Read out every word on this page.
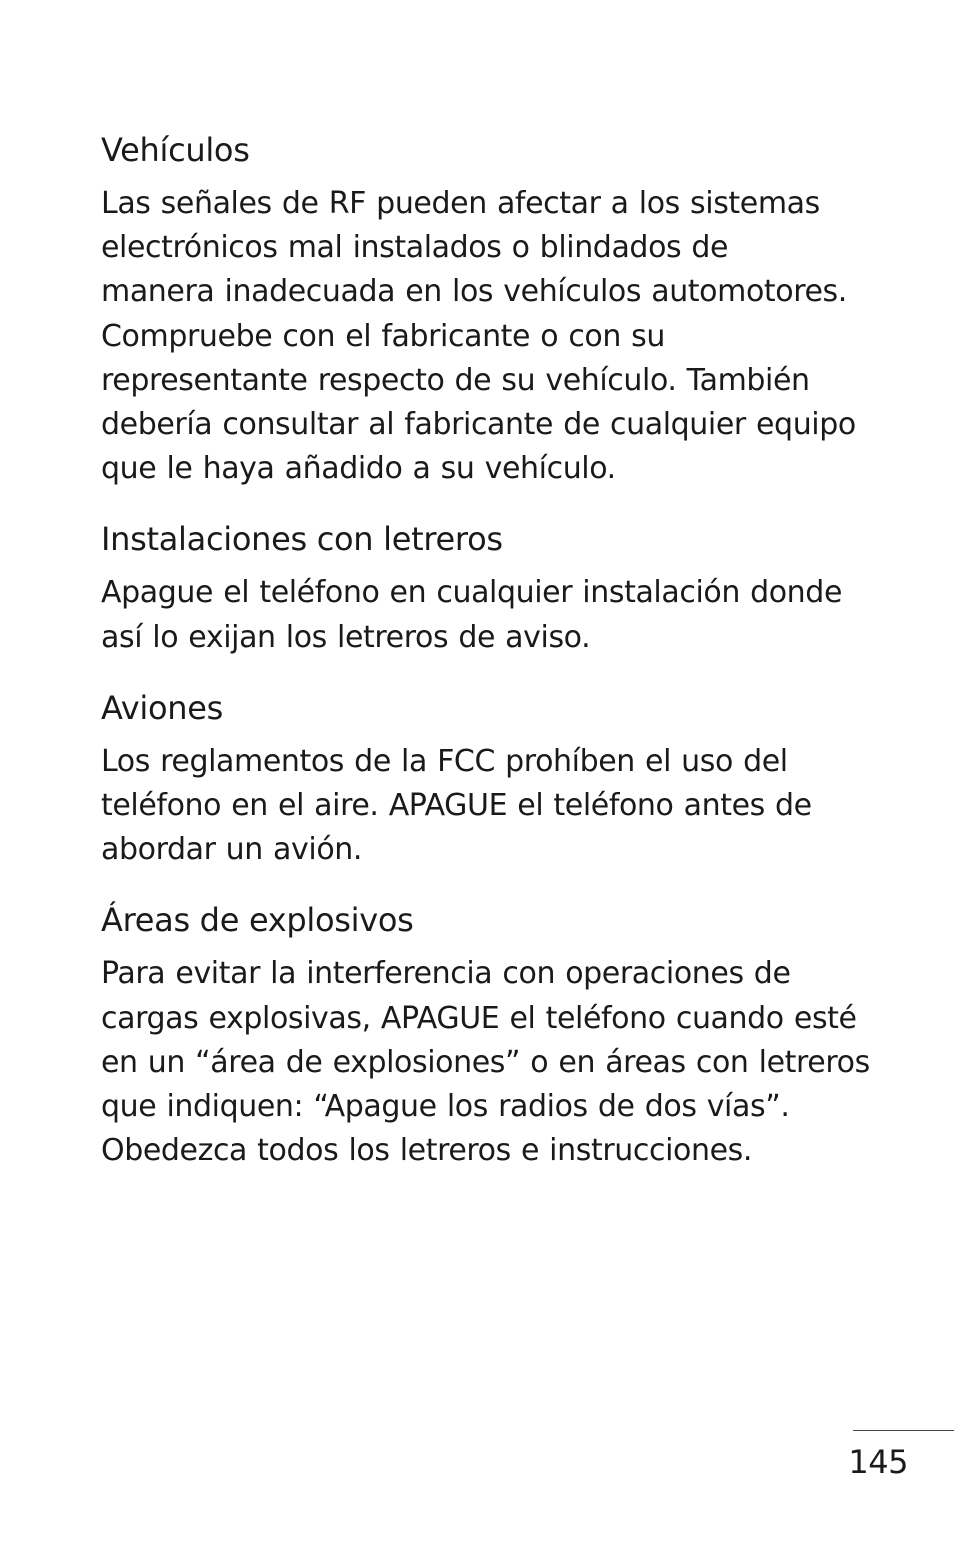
Vehículos

Las señales de RF pueden afectar a los sistemas
electrónicos mal instalados o blindados de
manera inadecuada en los vehículos automotores.
Compruebe con el fabricante o con su
representante respecto de su vehículo. También
debería consultar al fabricante de cualquier equipo
que le haya añadido a su vehículo.

Instalaciones con letreros

Apague el teléfono en cualquier instalación donde
así lo exijan los letreros de aviso.

Aviones

Los reglamentos de la FCC prohíben el uso del
teléfono en el aire. APAGUE el teléfono antes de
abordar un avión.

Áreas de explosivos

Para evitar la interferencia con operaciones de
cargas explosivas, APAGUE el teléfono cuando esté
en un “área de explosiones” o en áreas con letreros
que indiquen: “Apague los radios de dos vías”.
Obedezca todos los letreros e instrucciones.

145
